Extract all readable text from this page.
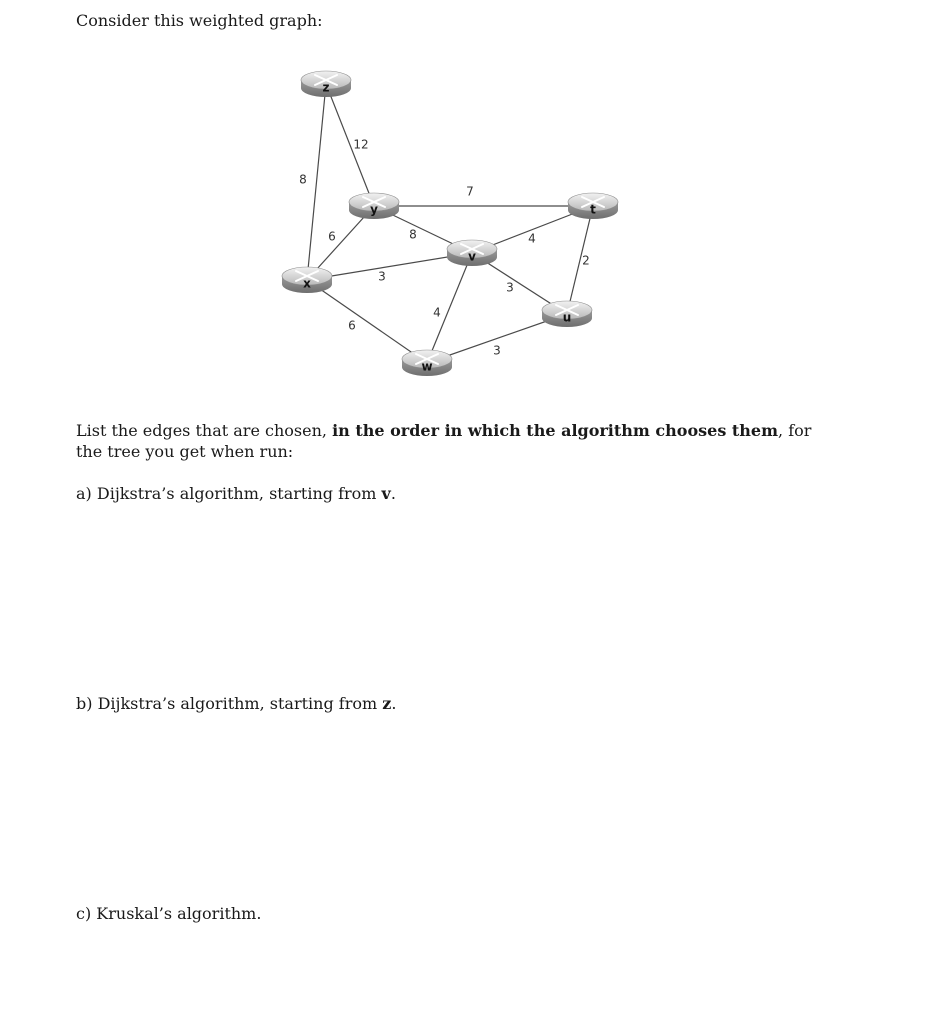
Consider this weighted graph:
12
8
7
6	8	4
2
3
3
4
6
3
z
y	t
v
x
u
w
List the edges that are chosen, in the order in which the algorithm chooses them, for the tree you get when run:
a) Dijkstra’s algorithm, starting from v.
b) Dijkstra’s algorithm, starting from z.
c) Kruskal’s algorithm.
